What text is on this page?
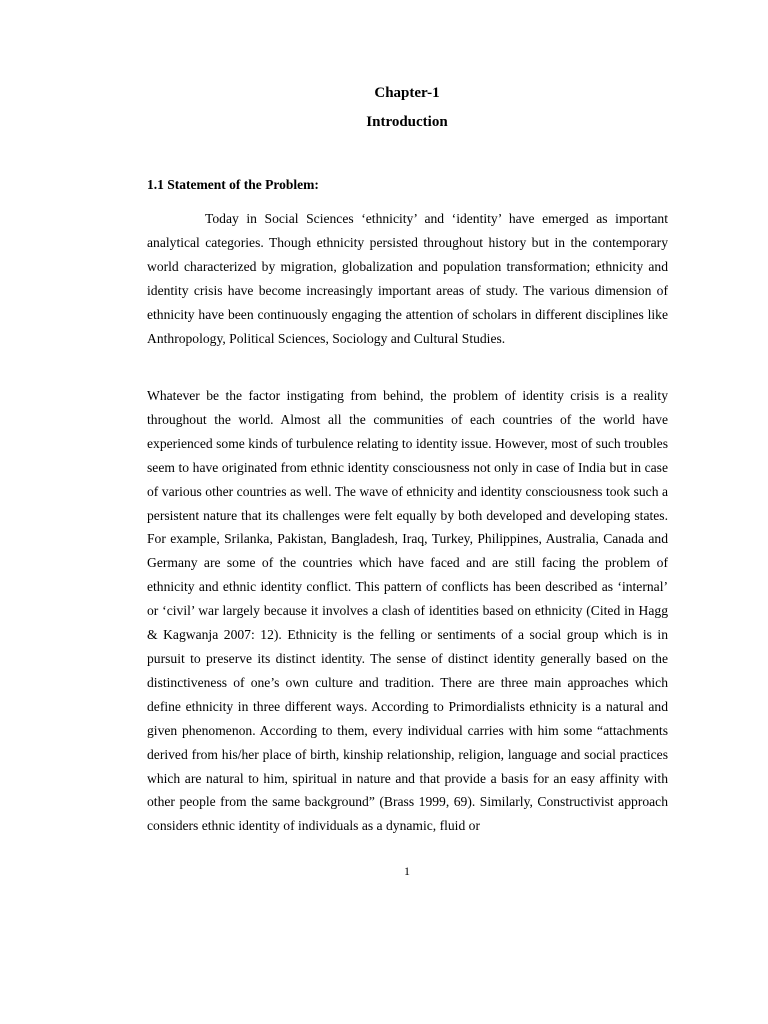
Chapter-1
Introduction
1.1 Statement of the Problem:

Today in Social Sciences ‘ethnicity’ and ‘identity’ have emerged as important analytical categories. Though ethnicity persisted throughout history but in the contemporary world characterized by migration, globalization and population transformation; ethnicity and identity crisis have become increasingly important areas of study. The various dimension of ethnicity have been continuously engaging the attention of scholars in different disciplines like Anthropology, Political Sciences, Sociology and Cultural Studies.

Whatever be the factor instigating from behind, the problem of identity crisis is a reality throughout the world. Almost all the communities of each countries of the world have experienced some kinds of turbulence relating to identity issue. However, most of such troubles seem to have originated from ethnic identity consciousness not only in case of India but in case of various other countries as well. The wave of ethnicity and identity consciousness took such a persistent nature that its challenges were felt equally by both developed and developing states. For example, Srilanka, Pakistan, Bangladesh, Iraq, Turkey, Philippines, Australia, Canada and Germany are some of the countries which have faced and are still facing the problem of ethnicity and ethnic identity conflict. This pattern of conflicts has been described as ‘internal’ or ‘civil’ war largely because it involves a clash of identities based on ethnicity (Cited in Hagg & Kagwanja 2007: 12). Ethnicity is the felling or sentiments of a social group which is in pursuit to preserve its distinct identity. The sense of distinct identity generally based on the distinctiveness of one’s own culture and tradition. There are three main approaches which define ethnicity in three different ways. According to Primordialists ethnicity is a natural and given phenomenon. According to them, every individual carries with him some “attachments derived from his/her place of birth, kinship relationship, religion, language and social practices which are natural to him, spiritual in nature and that provide a basis for an easy affinity with other people from the same background” (Brass 1999, 69). Similarly, Constructivist approach considers ethnic identity of individuals as a dynamic, fluid or

1
